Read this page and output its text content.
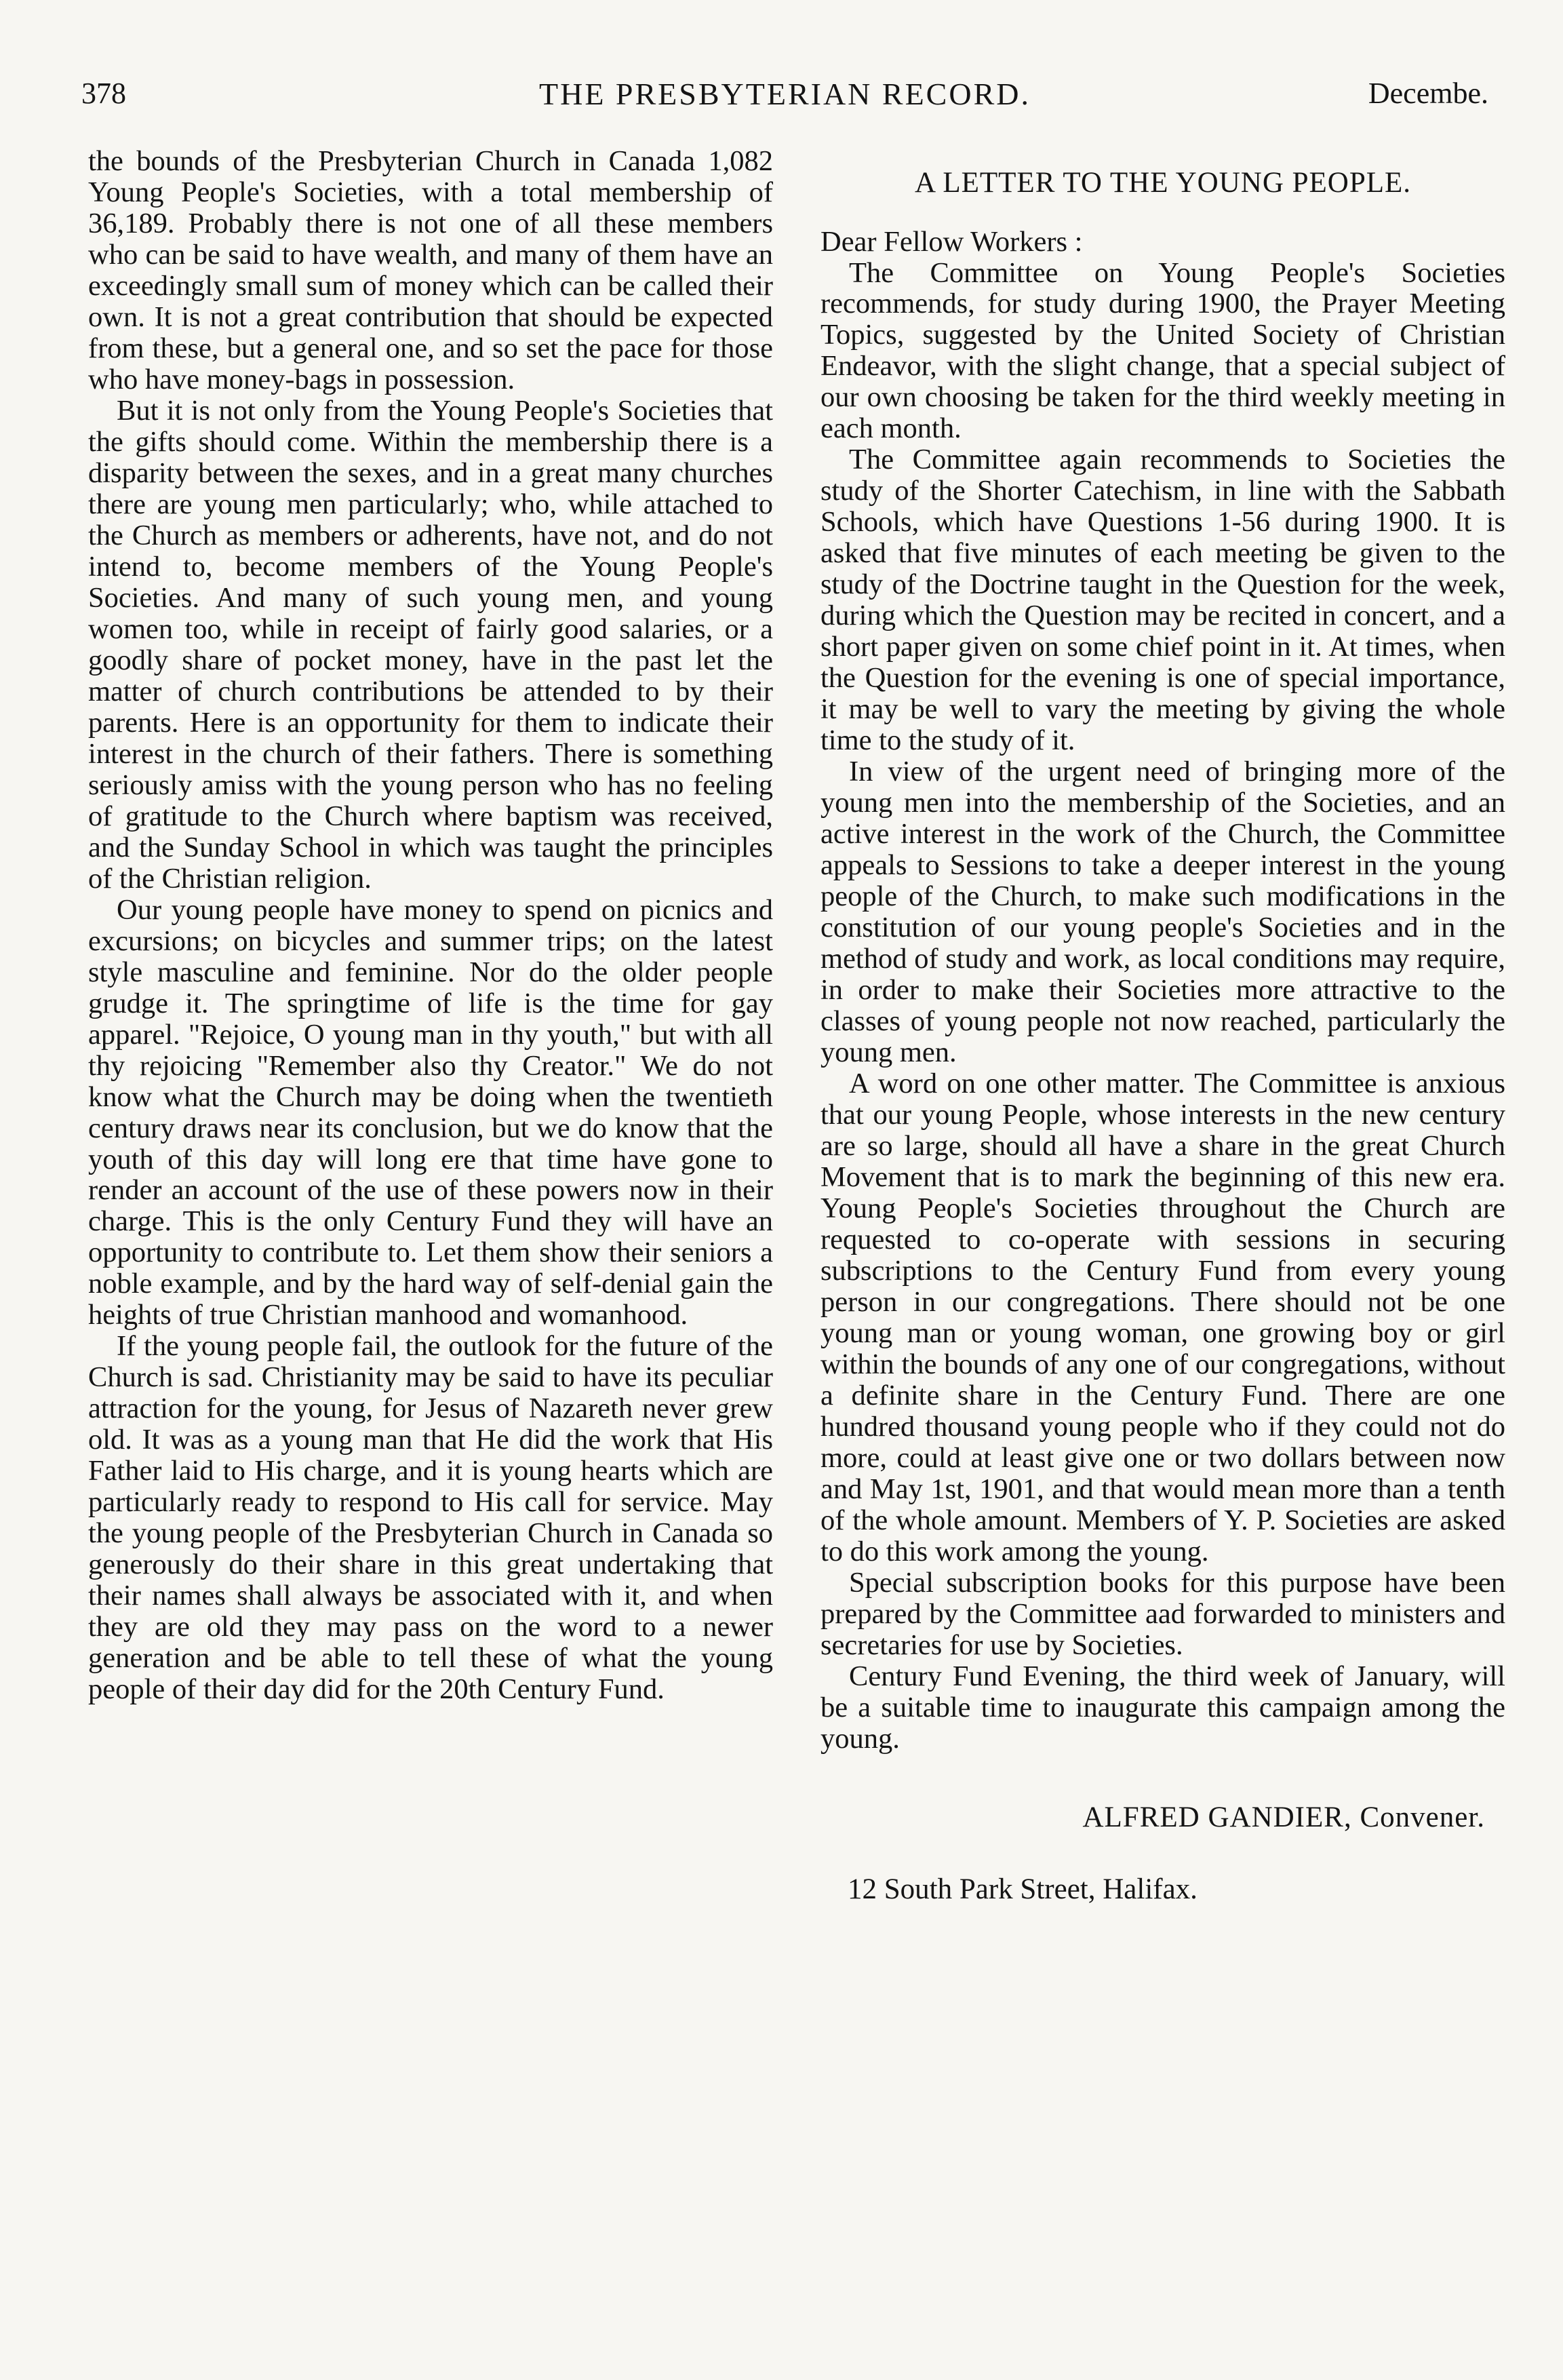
378	THE PRESBYTERIAN RECORD.	Decembe.

the bounds of the Presbyterian Church in Canada 1,082 Young People's Societies, with a total membership of 36,189. Probably there is not one of all these members who can be said to have wealth, and many of them have an exceedingly small sum of money which can be called their own. It is not a great contribution that should be expected from these, but a general one, and so set the pace for those who have money-bags in possession.

But it is not only from the Young People's Societies that the gifts should come. Within the membership there is a disparity between the sexes, and in a great many churches there are young men particularly; who, while attached to the Church as members or adherents, have not, and do not intend to, become members of the Young People's Societies. And many of such young men, and young women too, while in receipt of fairly good salaries, or a goodly share of pocket money, have in the past let the matter of church contributions be attended to by their parents. Here is an opportunity for them to indicate their interest in the church of their fathers. There is something seriously amiss with the young person who has no feeling of gratitude to the Church where baptism was received, and the Sunday School in which was taught the principles of the Christian religion.

Our young people have money to spend on picnics and excursions; on bicycles and summer trips; on the latest style masculine and feminine. Nor do the older people grudge it. The springtime of life is the time for gay apparel. "Rejoice, O young man in thy youth," but with all thy rejoicing "Remember also thy Creator." We do not know what the Church may be doing when the twentieth century draws near its conclusion, but we do know that the youth of this day will long ere that time have gone to render an account of the use of these powers now in their charge. This is the only Century Fund they will have an opportunity to contribute to. Let them show their seniors a noble example, and by the hard way of self-denial gain the heights of true Christian manhood and womanhood.

If the young people fail, the outlook for the future of the Church is sad. Christianity may be said to have its peculiar attraction for the young, for Jesus of Nazareth never grew old. It was as a young man that He did the work that His Father laid to His charge, and it is young hearts which are particularly ready to respond to His call for service. May the young people of the Presbyterian Church in Canada so generously do their share in this great undertaking that their names shall always be associated with it, and when they are old they may pass on the word to a newer generation and be able to tell these of what the young people of their day did for the 20th Century Fund.

A LETTER TO THE YOUNG PEOPLE.

Dear Fellow Workers :

The Committee on Young People's Societies recommends, for study during 1900, the Prayer Meeting Topics, suggested by the United Society of Christian Endeavor, with the slight change, that a special subject of our own choosing be taken for the third weekly meeting in each month.

The Committee again recommends to Societies the study of the Shorter Catechism, in line with the Sabbath Schools, which have Questions 1-56 during 1900. It is asked that five minutes of each meeting be given to the study of the Doctrine taught in the Question for the week, during which the Question may be recited in concert, and a short paper given on some chief point in it. At times, when the Question for the evening is one of special importance, it may be well to vary the meeting by giving the whole time to the study of it.

In view of the urgent need of bringing more of the young men into the membership of the Societies, and an active interest in the work of the Church, the Committee appeals to Sessions to take a deeper interest in the young people of the Church, to make such modifications in the constitution of our young people's Societies and in the method of study and work, as local conditions may require, in order to make their Societies more attractive to the classes of young people not now reached, particularly the young men.

A word on one other matter. The Committee is anxious that our young People, whose interests in the new century are so large, should all have a share in the great Church Movement that is to mark the beginning of this new era. Young People's Societies throughout the Church are requested to co-operate with sessions in securing subscriptions to the Century Fund from every young person in our congregations. There should not be one young man or young woman, one growing boy or girl within the bounds of any one of our congregations, without a definite share in the Century Fund. There are one hundred thousand young people who if they could not do more, could at least give one or two dollars between now and May 1st, 1901, and that would mean more than a tenth of the whole amount. Members of Y. P. Societies are asked to do this work among the young.

Special subscription books for this purpose have been prepared by the Committee aad forwarded to ministers and secretaries for use by Societies.

Century Fund Evening, the third week of January, will be a suitable time to inaugurate this campaign among the young.

ALFRED GANDIER, Convener.
12 South Park Street, Halifax.
